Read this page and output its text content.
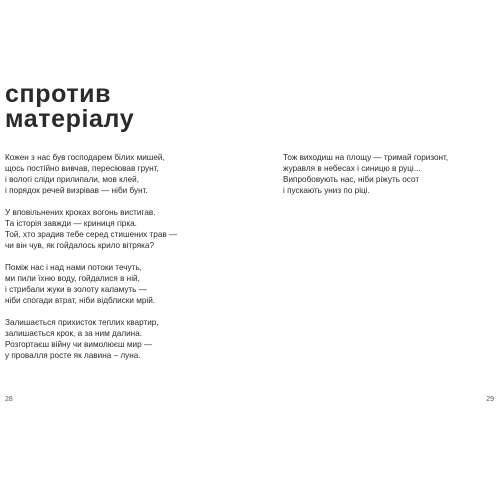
спротив
матеріалу
Кожен з нас був господарем білих мишей,
щось постійно вивчав, пересіював грунт,
і вологі сліди прилипали, мов клей,
і порядок речей визрівав — ніби бунт.
У вповільнених кроках вогонь вистигав.
Та історія завжди — криниця гірка.
Той, хто зрадив тебе серед стишених трав —
чи він чув, як гойдалось крило вітряка?
Поміж нас і над нами потоки течуть,
ми пили їхню воду, гойдалися в ній,
і стрибали жуки в золоту каламуть —
ніби спогади втрат, ніби відблиски мрій.
Залишається прихисток теплих квартир,
залишається крок, а за ним далина.
Розгортаєш війну чи вимолюєш мир —
у провалля росте як лавина – луна.
Тож виходиш на площу — тримай горизонт,
журавля в небесах і синицю в руці...
Випробовують нас, ніби ріжуть осот
і пускають униз по ріці.
28	29
